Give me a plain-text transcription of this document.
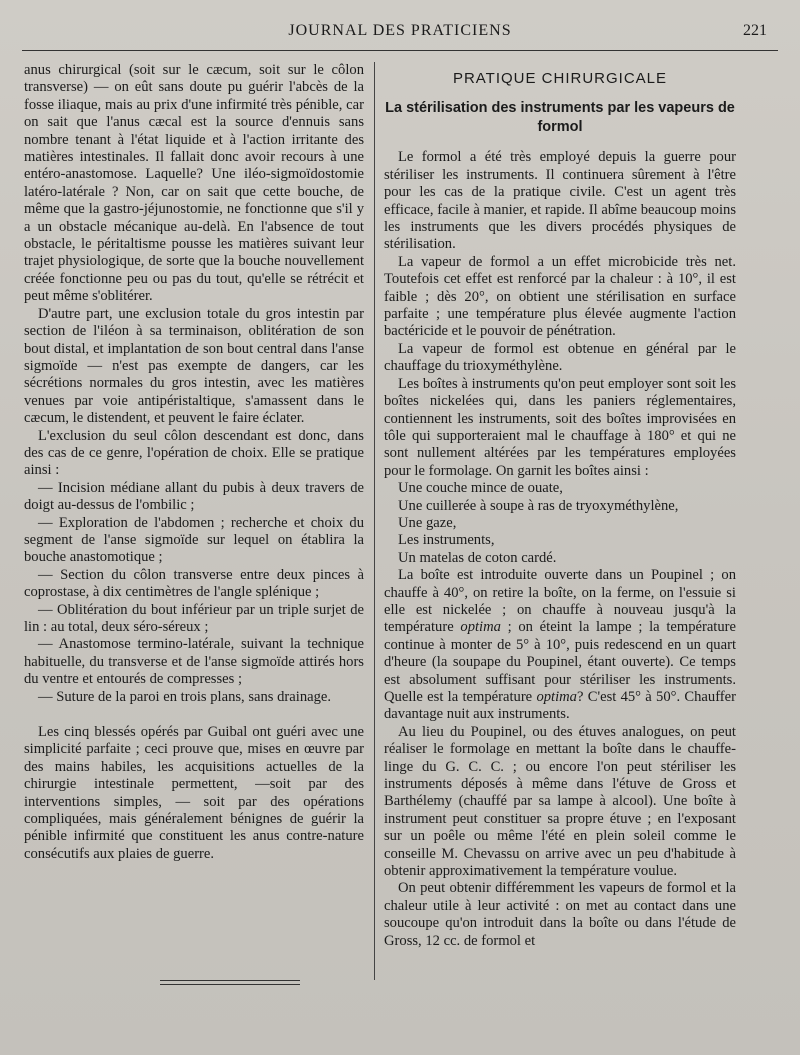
JOURNAL DES PRATICIENS	221

anus chirurgical (soit sur le cæcum, soit sur le côlon transverse) — on eût sans doute pu guérir l'abcès de la fosse iliaque, mais au prix d'une infirmité très pénible, car on sait que l'anus cæcal est la source d'ennuis sans nombre tenant à l'état liquide et à l'action irritante des matières intestinales. Il fallait donc avoir recours à une entéro-anastomose. Laquelle? Une iléo-sigmoïdostomie latéro-latérale ? Non, car on sait que cette bouche, de même que la gastro-jéjunostomie, ne fonctionne que s'il y a un obstacle mécanique au-delà. En l'absence de tout obstacle, le péritaltisme pousse les matières suivant leur trajet physiologique, de sorte que la bouche nouvellement créée fonctionne peu ou pas du tout, qu'elle se rétrécit et peut même s'oblitérer.

D'autre part, une exclusion totale du gros intestin par section de l'iléon à sa terminaison, oblitération de son bout distal, et implantation de son bout central dans l'anse sigmoïde — n'est pas exempte de dangers, car les sécrétions normales du gros intestin, avec les matières venues par voie antipéristaltique, s'amassent dans le cæcum, le distendent, et peuvent le faire éclater.

L'exclusion du seul côlon descendant est donc, dans des cas de ce genre, l'opération de choix. Elle se pratique ainsi :

— Incision médiane allant du pubis à deux travers de doigt au-dessus de l'ombilic ;

— Exploration de l'abdomen ; recherche et choix du segment de l'anse sigmoïde sur lequel on établira la bouche anastomotique ;

— Section du côlon transverse entre deux pinces à coprostase, à dix centimètres de l'angle splénique ;

— Oblitération du bout inférieur par un triple surjet de lin : au total, deux séro-séreux ;

— Anastomose termino-latérale, suivant la technique habituelle, du transverse et de l'anse sigmoïde attirés hors du ventre et entourés de compresses ;

— Suture de la paroi en trois plans, sans drainage.

Les cinq blessés opérés par Guibal ont guéri avec une simplicité parfaite ; ceci prouve que, mises en œuvre par des mains habiles, les acquisitions actuelles de la chirurgie intestinale permettent, —soit par des interventions simples, — soit par des opérations compliquées, mais généralement bénignes de guérir la pénible infirmité que constituent les anus contre-nature consécutifs aux plaies de guerre.

PRATIQUE CHIRURGICALE
La stérilisation des instruments par les vapeurs de formol

Le formol a été très employé depuis la guerre pour stériliser les instruments. Il continuera sûrement à l'être pour les cas de la pratique civile. C'est un agent très efficace, facile à manier, et rapide. Il abîme beaucoup moins les instruments que les divers procédés physiques de stérilisation.

La vapeur de formol a un effet microbicide très net. Toutefois cet effet est renforcé par la chaleur : à 10°, il est faible ; dès 20°, on obtient une stérilisation en surface parfaite ; une température plus élevée augmente l'action bactéricide et le pouvoir de pénétration.

La vapeur de formol est obtenue en général par le chauffage du trioxyméthylène.

Les boîtes à instruments qu'on peut employer sont soit les boîtes nickelées qui, dans les paniers réglementaires, contiennent les instruments, soit des boîtes improvisées en tôle qui supporteraient mal le chauffage à 180° et qui ne sont nullement altérées par les températures employées pour le formolage. On garnit les boîtes ainsi :

Une couche mince de ouate,

Une cuillerée à soupe à ras de tryoxyméthylène,

Une gaze,

Les instruments,

Un matelas de coton cardé.

La boîte est introduite ouverte dans un Poupinel ; on chauffe à 40°, on retire la boîte, on la ferme, on l'essuie si elle est nickelée ; on chauffe à nouveau jusqu'à la température optima ; on éteint la lampe ; la température continue à monter de 5° à 10°, puis redescend en un quart d'heure (la soupape du Poupinel, étant ouverte). Ce temps est absolument suffisant pour stériliser les instruments. Quelle est la température optima? C'est 45° à 50°. Chauffer davantage nuit aux instruments.

Au lieu du Poupinel, ou des étuves analogues, on peut réaliser le formolage en mettant la boîte dans le chauffe-linge du G. C. C. ; ou encore l'on peut stériliser les instruments déposés à même dans l'étuve de Gross et Barthélemy (chauffé par sa lampe à alcool). Une boîte à instrument peut constituer sa propre étuve ; en l'exposant sur un poêle ou même l'été en plein soleil comme le conseille M. Chevassu on arrive avec un peu d'habitude à obtenir approximativement la température voulue.

On peut obtenir différemment les vapeurs de formol et la chaleur utile à leur activité : on met au contact dans une soucoupe qu'on introduit dans la boîte ou dans l'étude de Gross, 12 cc. de formol et
